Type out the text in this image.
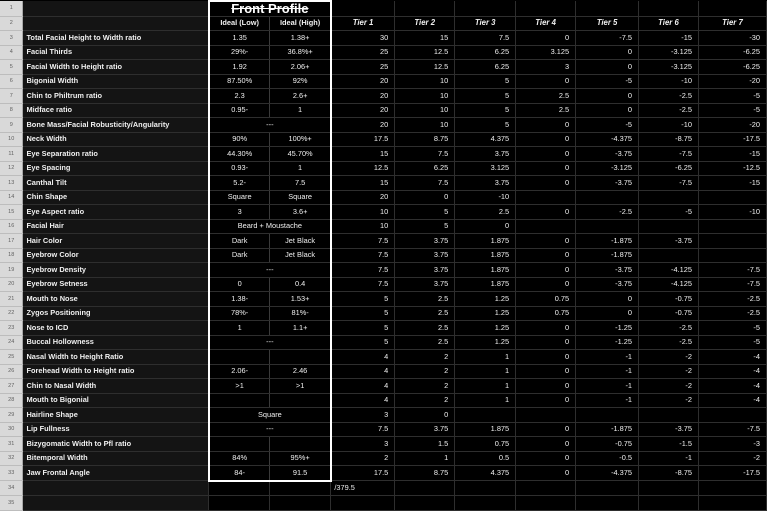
1		Front Profile								
2		Ideal (Low)	Ideal (High)	Tier 1	Tier 2	Tier 3	Tier 4	Tier 5	Tier 6	Tier 7
3	Total Facial Height to Width ratio	1.35	1.38+	30	15	7.5	0	-7.5	-15	-30
4	Facial Thirds	29%-	36.8%+	25	12.5	6.25	3.125	0	-3.125	-6.25
5	Facial Width to Height ratio	1.92	2.06+	25	12.5	6.25	3	0	-3.125	-6.25
6	Bigonial Width	87.50%	92%	20	10	5	0	-5	-10	-20
7	Chin to Philtrum ratio	2.3	2.6+	20	10	5	2.5	0	-2.5	-5
8	Midface ratio	0.95-	1	20	10	5	2.5	0	-2.5	-5
9	Bone Mass/Facial Robusticity/Angularity	---		20	10	5	0	-5	-10	-20
10	Neck Width	90%	100%+	17.5	8.75	4.375	0	-4.375	-8.75	-17.5
11	Eye Separation ratio	44.30%	45.70%	15	7.5	3.75	0	-3.75	-7.5	-15
12	Eye Spacing	0.93-	1	12.5	6.25	3.125	0	-3.125	-6.25	-12.5
13	Canthal Tilt	5.2-	7.5	15	7.5	3.75	0	-3.75	-7.5	-15
14	Chin Shape	Square	Square	20	0	-10				
15	Eye Aspect ratio	3	3.6+	10	5	2.5	0	-2.5	-5	-10
16	Facial Hair	Beard + Moustache		10	5	0				
17	Hair Color	Dark	Jet Black	7.5	3.75	1.875	0	-1.875	-3.75	
18	Eyebrow Color	Dark	Jet Black	7.5	3.75	1.875	0	-1.875		
19	Eyebrow Density	---		7.5	3.75	1.875	0	-3.75	-4.125	-7.5
20	Eyebrow Setness	0	0.4	7.5	3.75	1.875	0	-3.75	-4.125	-7.5
21	Mouth to Nose	1.38-	1.53+	5	2.5	1.25	0.75	0	-0.75	-2.5
22	Zygos Positioning	78%-	81%-	5	2.5	1.25	0.75	0	-0.75	-2.5
23	Nose to ICD	1	1.1+	5	2.5	1.25	0	-1.25	-2.5	-5
24	Buccal Hollowness	---		5	2.5	1.25	0	-1.25	-2.5	-5
25	Nasal Width to Height Ratio			4	2	1	0	-1	-2	-4
26	Forehead Width to Height ratio	2.06-	2.46	4	2	1	0	-1	-2	-4
27	Chin to Nasal Width	>1	>1	4	2	1	0	-1	-2	-4
28	Mouth to Bigonial			4	2	1	0	-1	-2	-4
29	Hairline Shape	Square		3	0					
30	Lip Fullness	---		7.5	3.75	1.875	0	-1.875	-3.75	-7.5
31	Bizygomatic Width to Pfl ratio			3	1.5	0.75	0	-0.75	-1.5	-3
32	Bitemporal Width	84%	95%+	2	1	0.5	0	-0.5	-1	-2
33	Jaw Frontal Angle	84-	91.5	17.5	8.75	4.375	0	-4.375	-8.75	-17.5
34				/379.5						
35										
